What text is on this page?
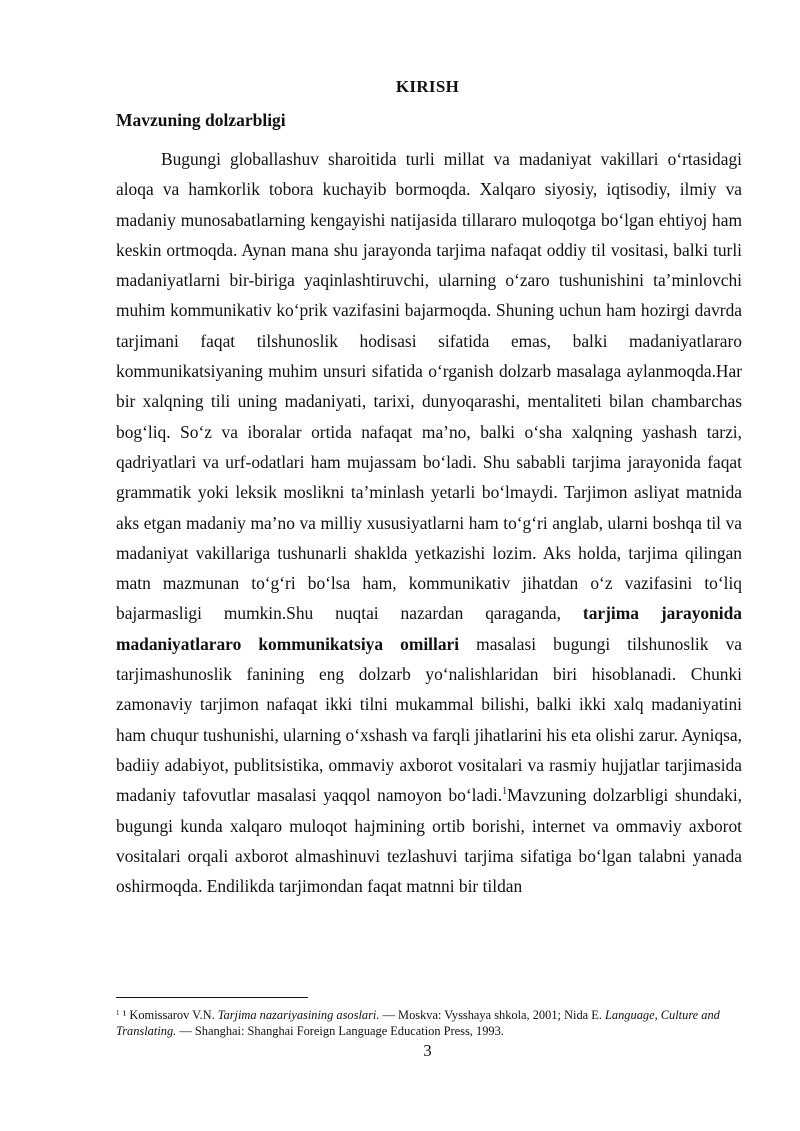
KIRISH
Mavzuning dolzarbligi

Bugungi globallashuv sharoitida turli millat va madaniyat vakillari o‘rtasidagi aloqa va hamkorlik tobora kuchayib bormoqda. Xalqaro siyosiy, iqtisodiy, ilmiy va madaniy munosabatlarning kengayishi natijasida tillararo muloqotga bo‘lgan ehtiyoj ham keskin ortmoqda. Aynan mana shu jarayonda tarjima nafaqat oddiy til vositasi, balki turli madaniyatlarni bir-biriga yaqinlashtiruvchi, ularning o‘zaro tushunishini ta’minlovchi muhim kommunikativ ko‘prik vazifasini bajarmoqda. Shuning uchun ham hozirgi davrda tarjimani faqat tilshunoslik hodisasi sifatida emas, balki madaniyatlararo kommunikatsiyaning muhim unsuri sifatida o‘rganish dolzarb masalaga aylanmoqda.Har bir xalqning tili uning madaniyati, tarixi, dunyoqarashi, mentaliteti bilan chambarchas bog‘liq. So‘z va iboralar ortida nafaqat ma’no, balki o‘sha xalqning yashash tarzi, qadriyatlari va urf-odatlari ham mujassam bo‘ladi. Shu sababli tarjima jarayonida faqat grammatik yoki leksik moslikni ta’minlash yetarli bo‘lmaydi. Tarjimon asliyat matnida aks etgan madaniy ma’no va milliy xususiyatlarni ham to‘g‘ri anglab, ularni boshqa til va madaniyat vakillariga tushunarli shaklda yetkazishi lozim. Aks holda, tarjima qilingan matn mazmunan to‘g‘ri bo‘lsa ham, kommunikativ jihatdan o‘z vazifasini to‘liq bajarmasligi mumkin.Shu nuqtai nazardan qaraganda, tarjima jarayonida madaniyatlararo kommunikatsiya omillari masalasi bugungi tilshunoslik va tarjimashunoslik fanining eng dolzarb yo‘nalishlaridan biri hisoblanadi. Chunki zamonaviy tarjimon nafaqat ikki tilni mukammal bilishi, balki ikki xalq madaniyatini ham chuqur tushunishi, ularning o‘xshash va farqli jihatlarini his eta olishi zarur. Ayniqsa, badiiy adabiyot, publitsistika, ommaviy axborot vositalari va rasmiy hujjatlar tarjimasida madaniy tafovutlar masalasi yaqqol namoyon bo‘ladi.$^1$Mavzuning dolzarbligi shundaki, bugungi kunda xalqaro muloqot hajmining ortib borishi, internet va ommaviy axborot vositalari orqali axborot almashinuvi tezlashuvi tarjima sifatiga bo‘lgan talabni yanada oshirmoqda. Endilikda tarjimondan faqat matnni bir tildan

$^1$ ¹ Komissarov V.N. Tarjima nazariyasining asoslari. — Moskva: Vysshaya shkola, 2001; Nida E. Language, Culture and Translating. — Shanghai: Shanghai Foreign Language Education Press, 1993.

3
